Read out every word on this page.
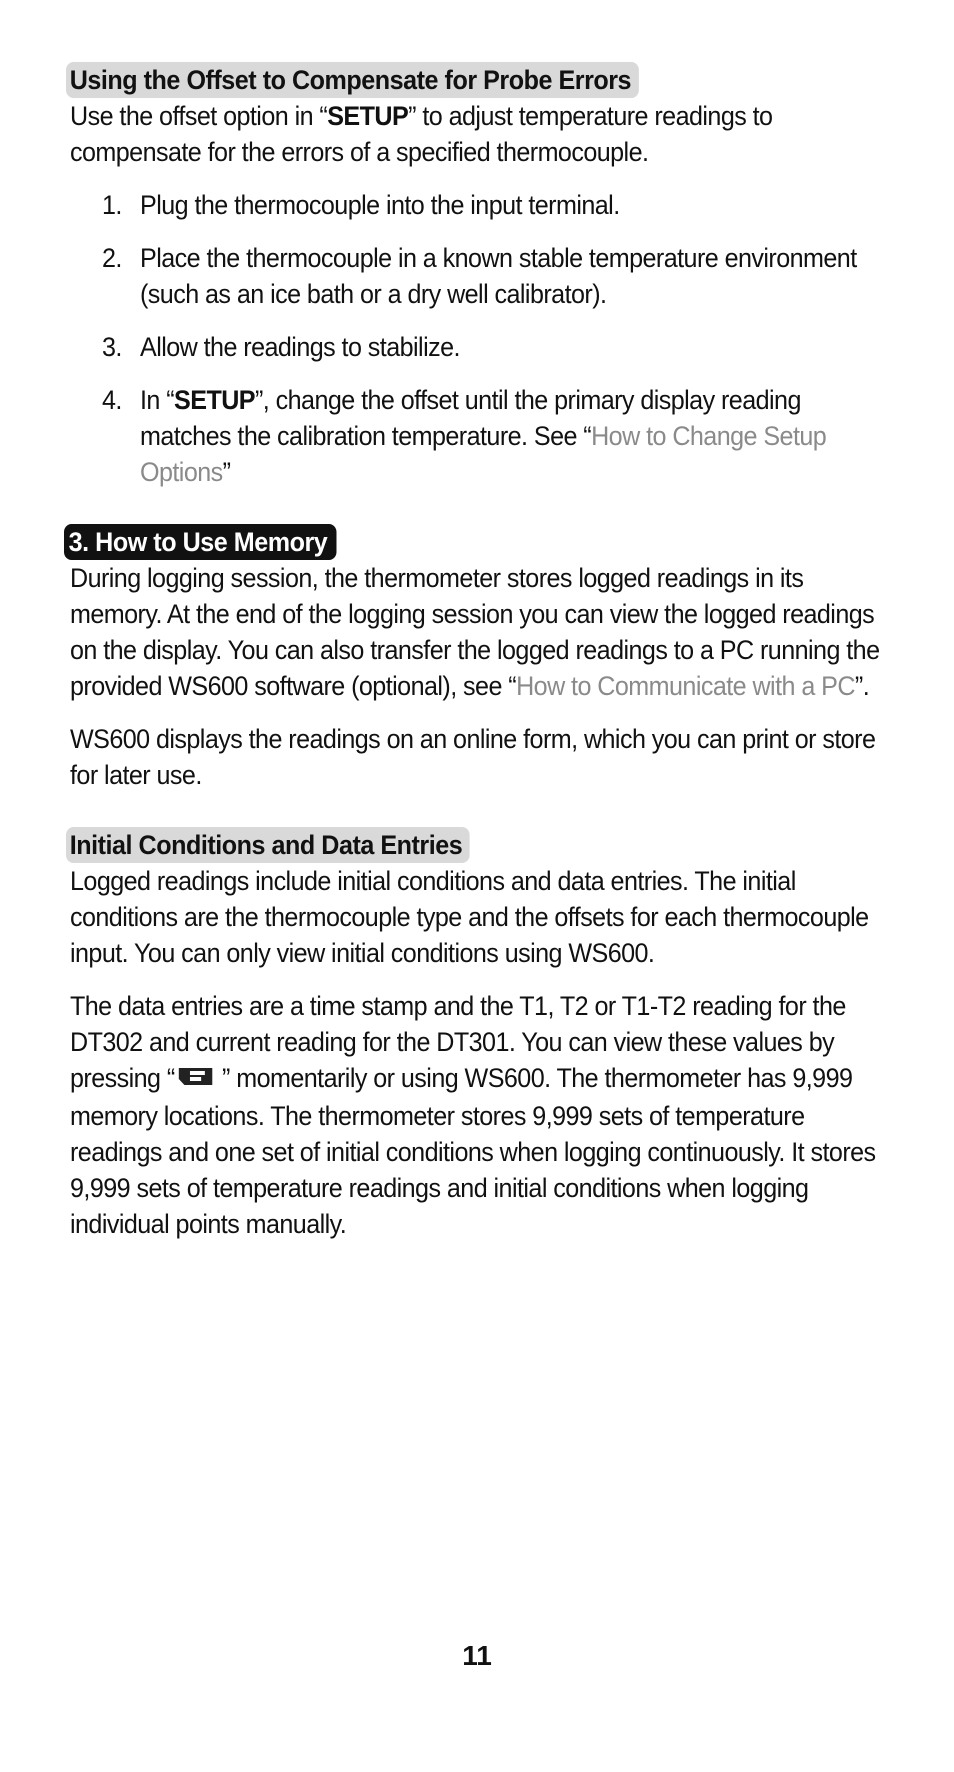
Using the Offset to Compensate for Probe Errors

Use the offset option in “SETUP” to adjust temperature readings to compensate for the errors of a specified thermocouple.

1. Plug the thermocouple into the input terminal.
2. Place the thermocouple in a known stable temperature environment (such as an ice bath or a dry well calibrator).
3. Allow the readings to stabilize.
4. In “SETUP”, change the offset until the primary display reading matches the calibration temperature. See “How to Change Setup Options”
3. How to Use Memory

During logging session, the thermometer stores logged readings in its memory. At the end of the logging session you can view the logged readings on the display. You can also transfer the logged readings to a PC running the provided WS600 software (optional), see “How to Communicate with a PC”.

WS600 displays the readings on an online form, which you can print or store for later use.

Initial Conditions and Data Entries

Logged readings include initial conditions and data entries. The initial conditions are the thermocouple type and the offsets for each thermocouple input. You can only view initial conditions using WS600.

The data entries are a time stamp and the T1, T2 or T1-T2 reading for the DT302 and current reading for the DT301. You can view these values by pressing “ ” momentarily or using WS600. The thermometer has 9,999 memory locations. The thermometer stores 9,999 sets of temperature readings and one set of initial conditions when logging continuously. It stores 9,999 sets of temperature readings and initial conditions when logging individual points manually.

11
